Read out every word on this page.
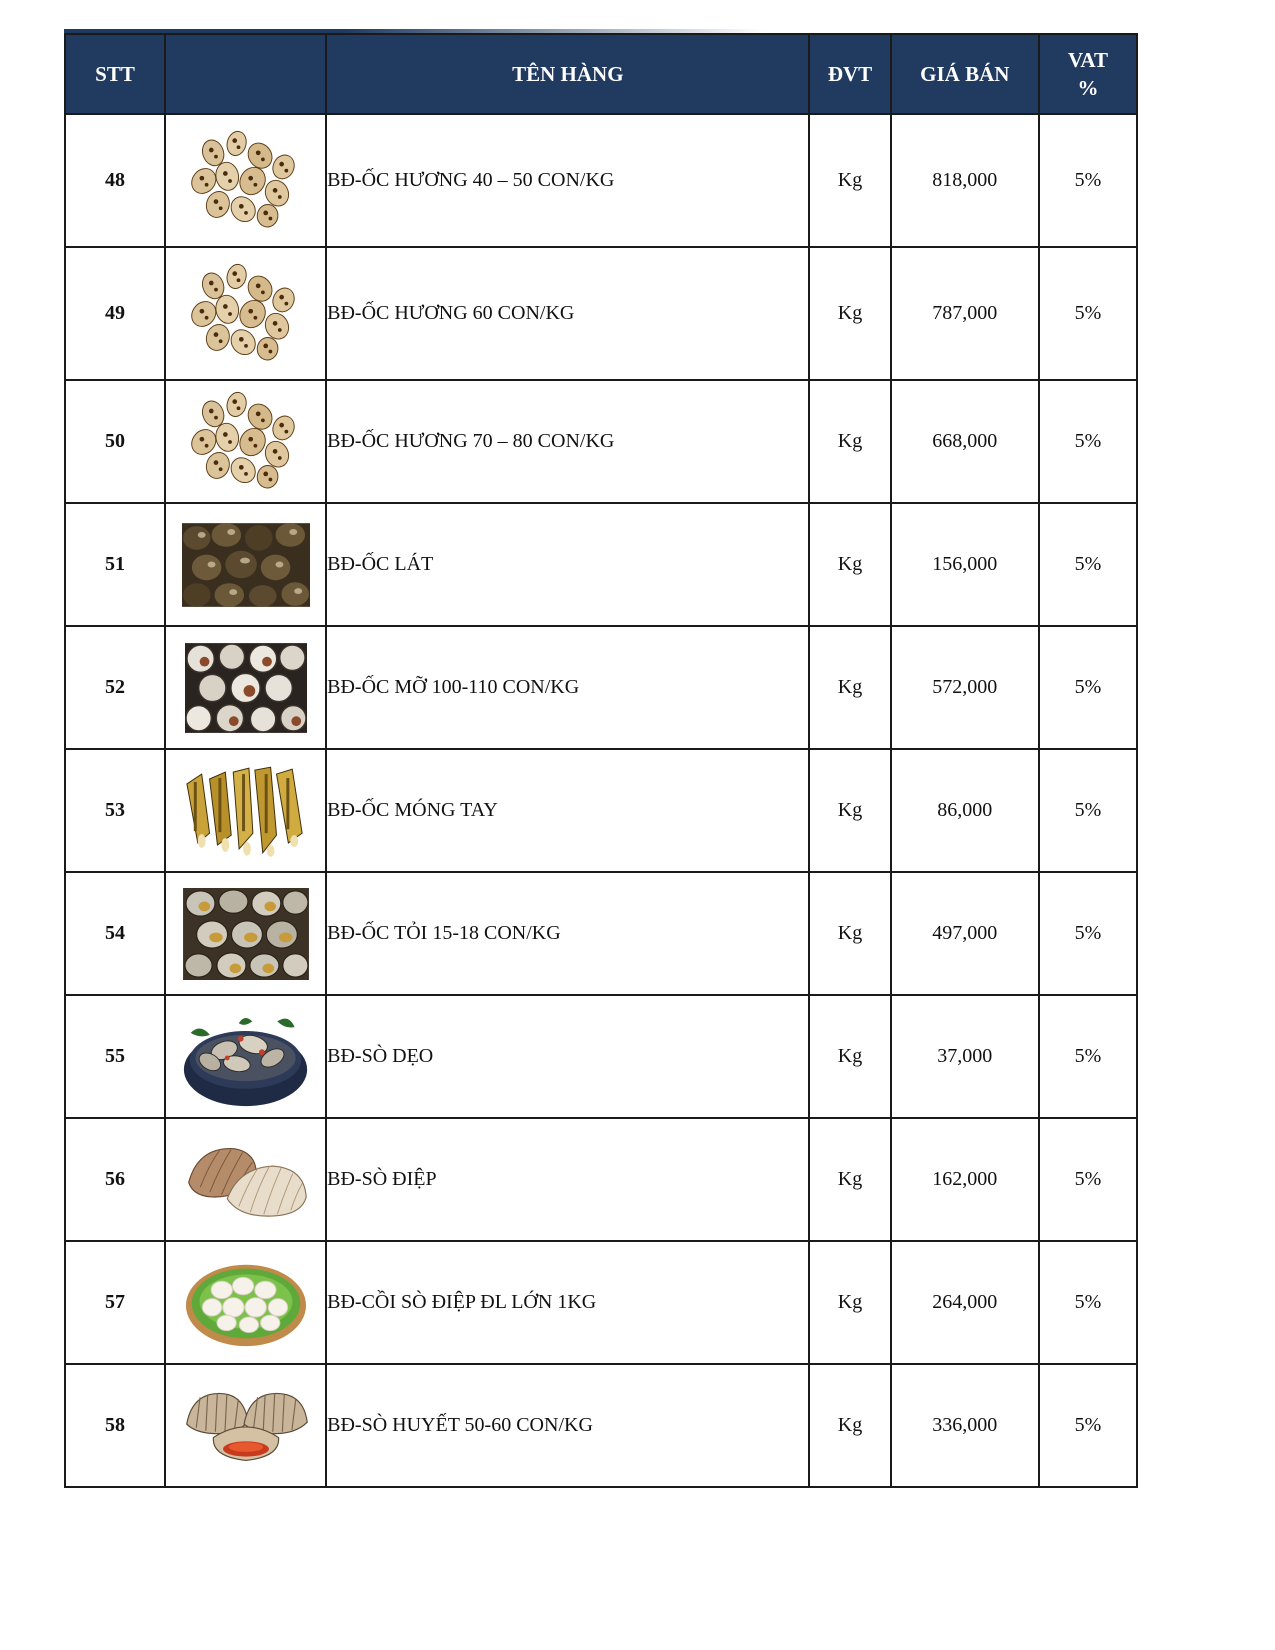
STT		TÊN HÀNG	ĐVT	GIÁ BÁN	VAT
%
48		BĐ-ỐC HƯƠNG 40 – 50 CON/KG	Kg	818,000	5%
49		BĐ-ỐC HƯƠNG 60 CON/KG	Kg	787,000	5%
50		BĐ-ỐC HƯƠNG 70 – 80 CON/KG	Kg	668,000	5%
51		BĐ-ỐC LÁT	Kg	156,000	5%
52		BĐ-ỐC MỠ 100-110 CON/KG	Kg	572,000	5%
53		BĐ-ỐC MÓNG TAY	Kg	86,000	5%
54		BĐ-ỐC TỎI 15-18 CON/KG	Kg	497,000	5%
55		BĐ-SÒ DẸO	Kg	37,000	5%
56		BĐ-SÒ ĐIỆP	Kg	162,000	5%
57		BĐ-CỒI SÒ ĐIỆP ĐL LỚN 1KG	Kg	264,000	5%
58		BĐ-SÒ HUYẾT 50-60 CON/KG	Kg	336,000	5%
